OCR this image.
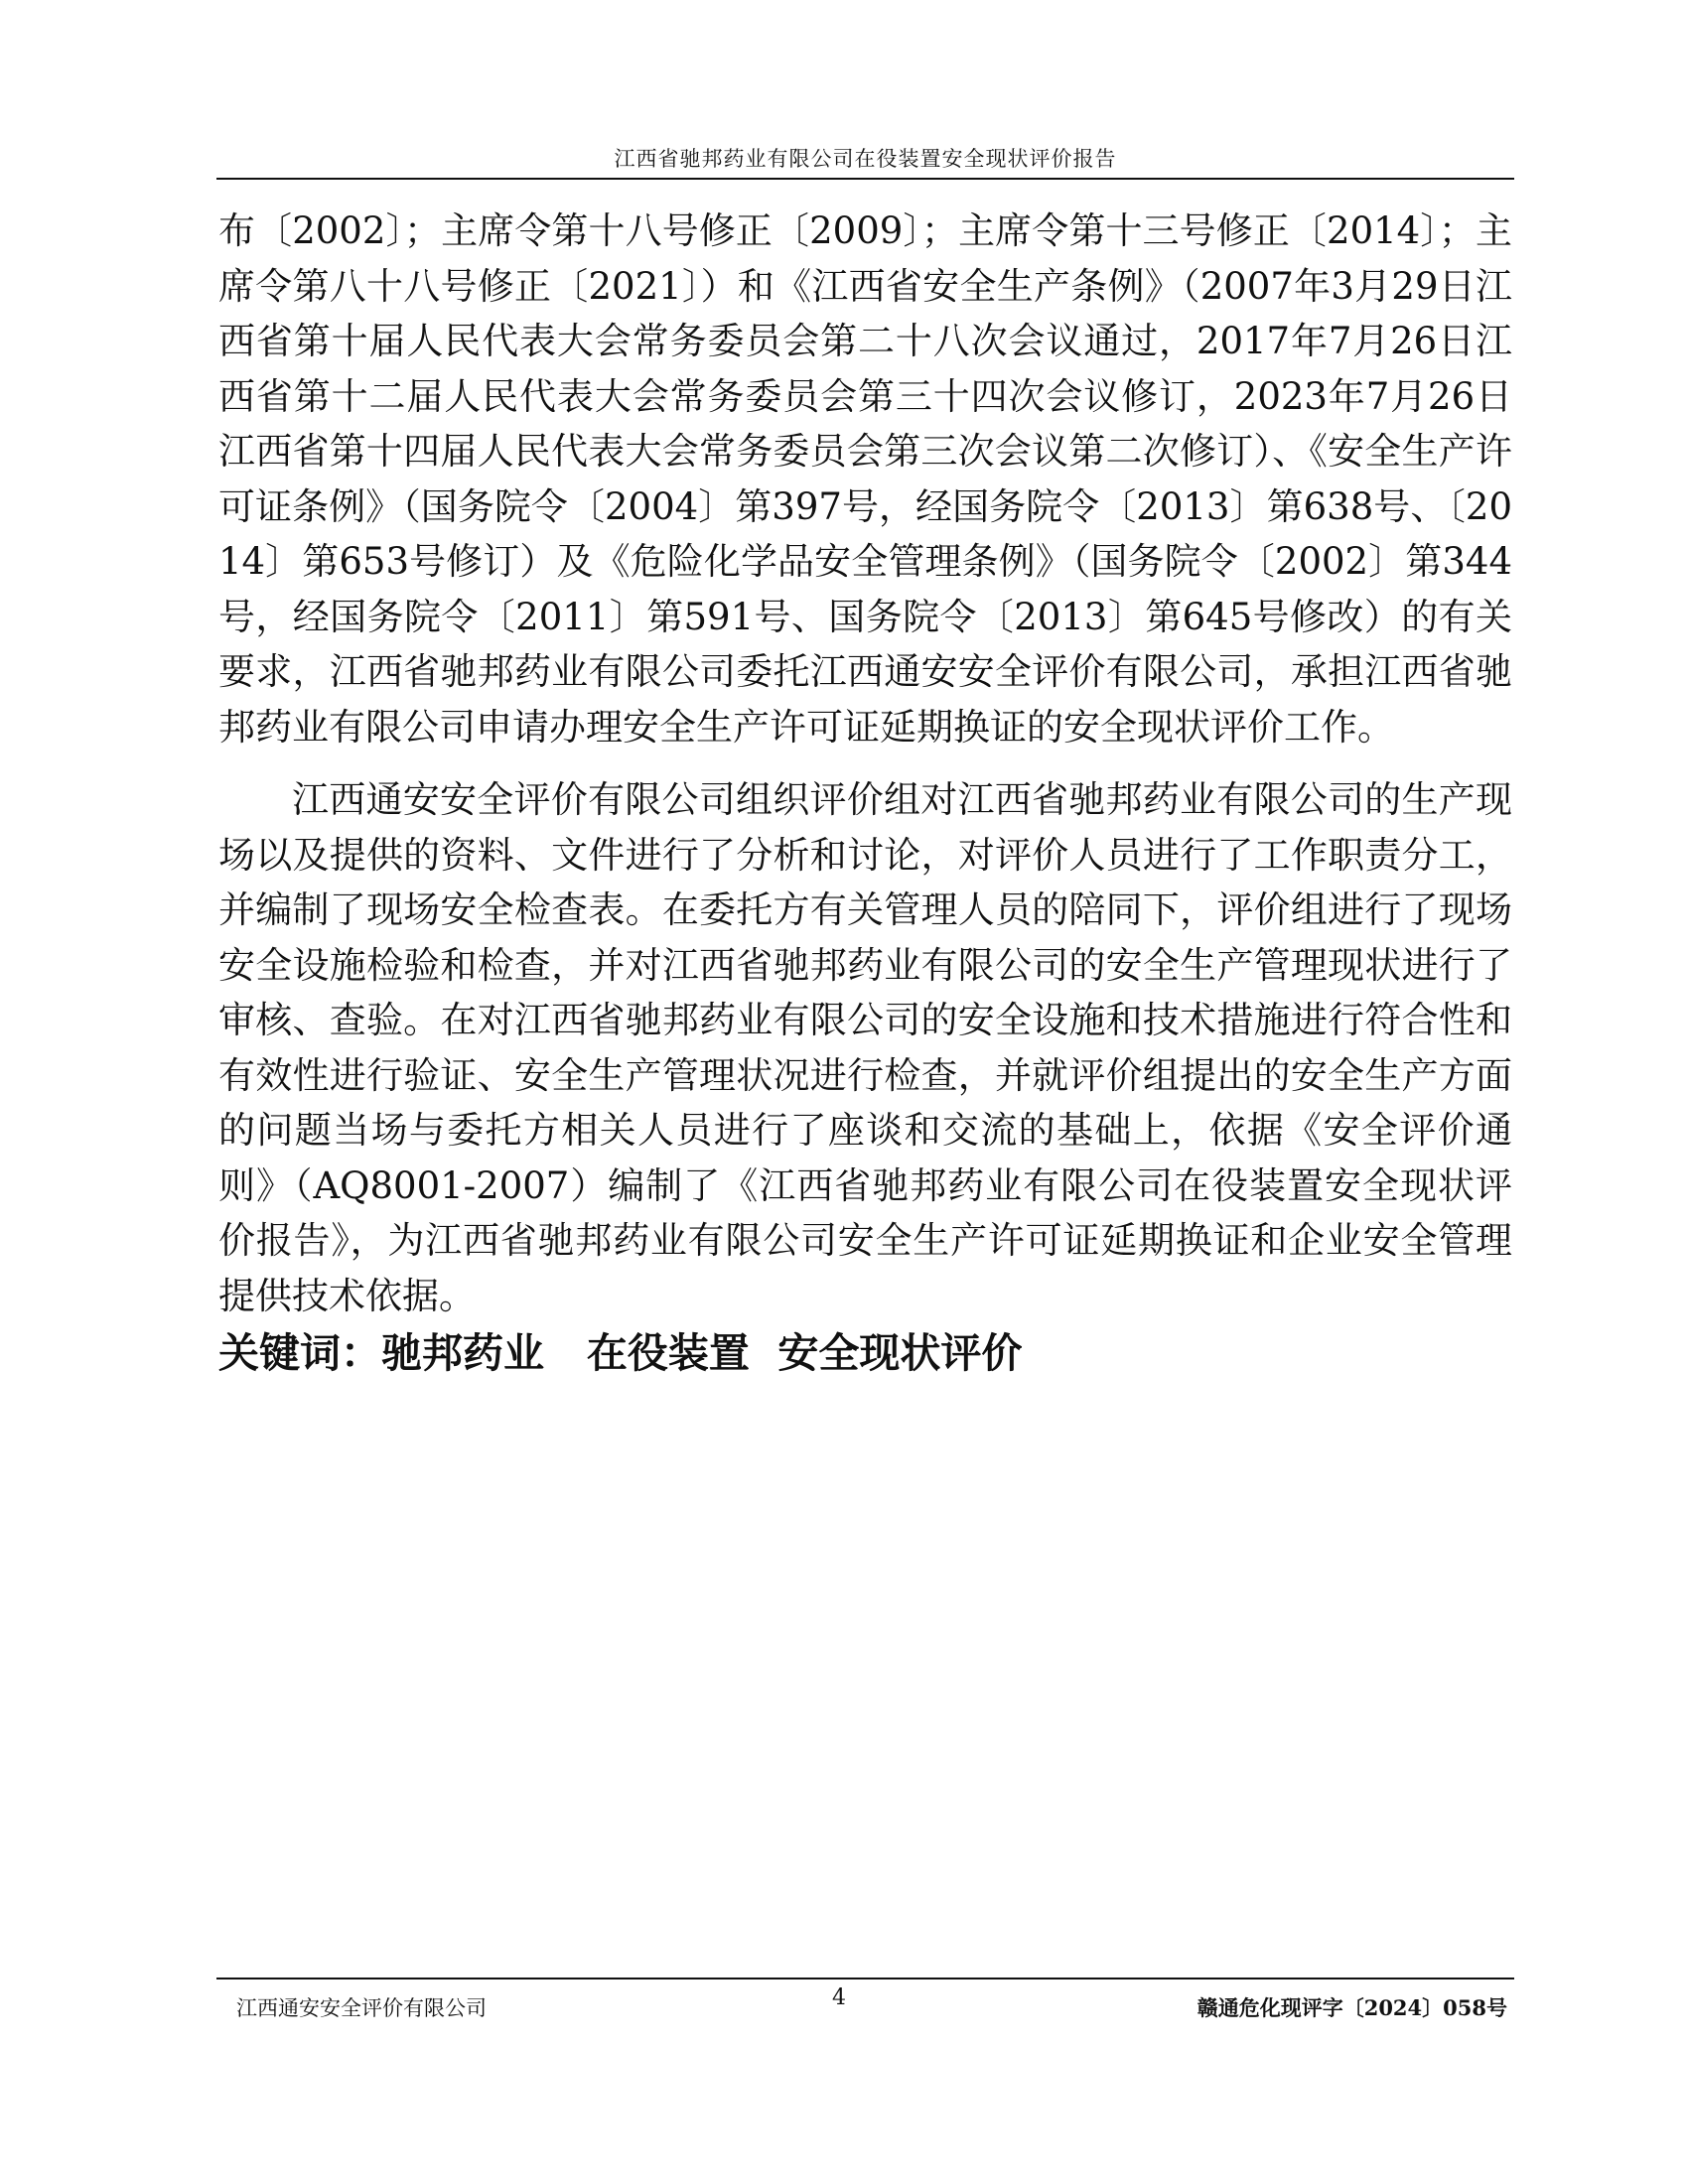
江西省驰邦药业有限公司在役装置安全现状评价报告

布〔2002〕；主席令第十八号修正〔2009〕；主席令第十三号修正〔2014〕；主席令第八十八号修正〔2021〕）和《江西省安全生产条例》（2007年3月29日江西省第十届人民代表大会常务委员会第二十八次会议通过，2017年7月26日江西省第十二届人民代表大会常务委员会第三十四次会议修订，2023年7月26日江西省第十四届人民代表大会常务委员会第三次会议第二次修订）、《安全生产许可证条例》（国务院令〔2004〕第397号，经国务院令〔2013〕第638号、〔2014〕第653号修订）及《危险化学品安全管理条例》（国务院令〔2002〕第344号，经国务院令〔2011〕第591号、国务院令〔2013〕第645号修改）的有关要求，江西省驰邦药业有限公司委托江西通安安全评价有限公司，承担江西省驰邦药业有限公司申请办理安全生产许可证延期换证的安全现状评价工作。

江西通安安全评价有限公司组织评价组对江西省驰邦药业有限公司的生产现场以及提供的资料、文件进行了分析和讨论，对评价人员进行了工作职责分工，并编制了现场安全检查表。在委托方有关管理人员的陪同下，评价组进行了现场安全设施检验和检查，并对江西省驰邦药业有限公司的安全生产管理现状进行了审核、查验。在对江西省驰邦药业有限公司的安全设施和技术措施进行符合性和有效性进行验证、安全生产管理状况进行检查，并就评价组提出的安全生产方面的问题当场与委托方相关人员进行了座谈和交流的基础上，依据《安全评价通则》（AQ8001-2007）编制了《江西省驰邦药业有限公司在役装置安全现状评价报告》，为江西省驰邦药业有限公司安全生产许可证延期换证和企业安全管理提供技术依据。

关键词：驰邦药业 在役装置 安全现状评价
江西通安安全评价有限公司	4	赣通危化现评字〔2024〕058号
